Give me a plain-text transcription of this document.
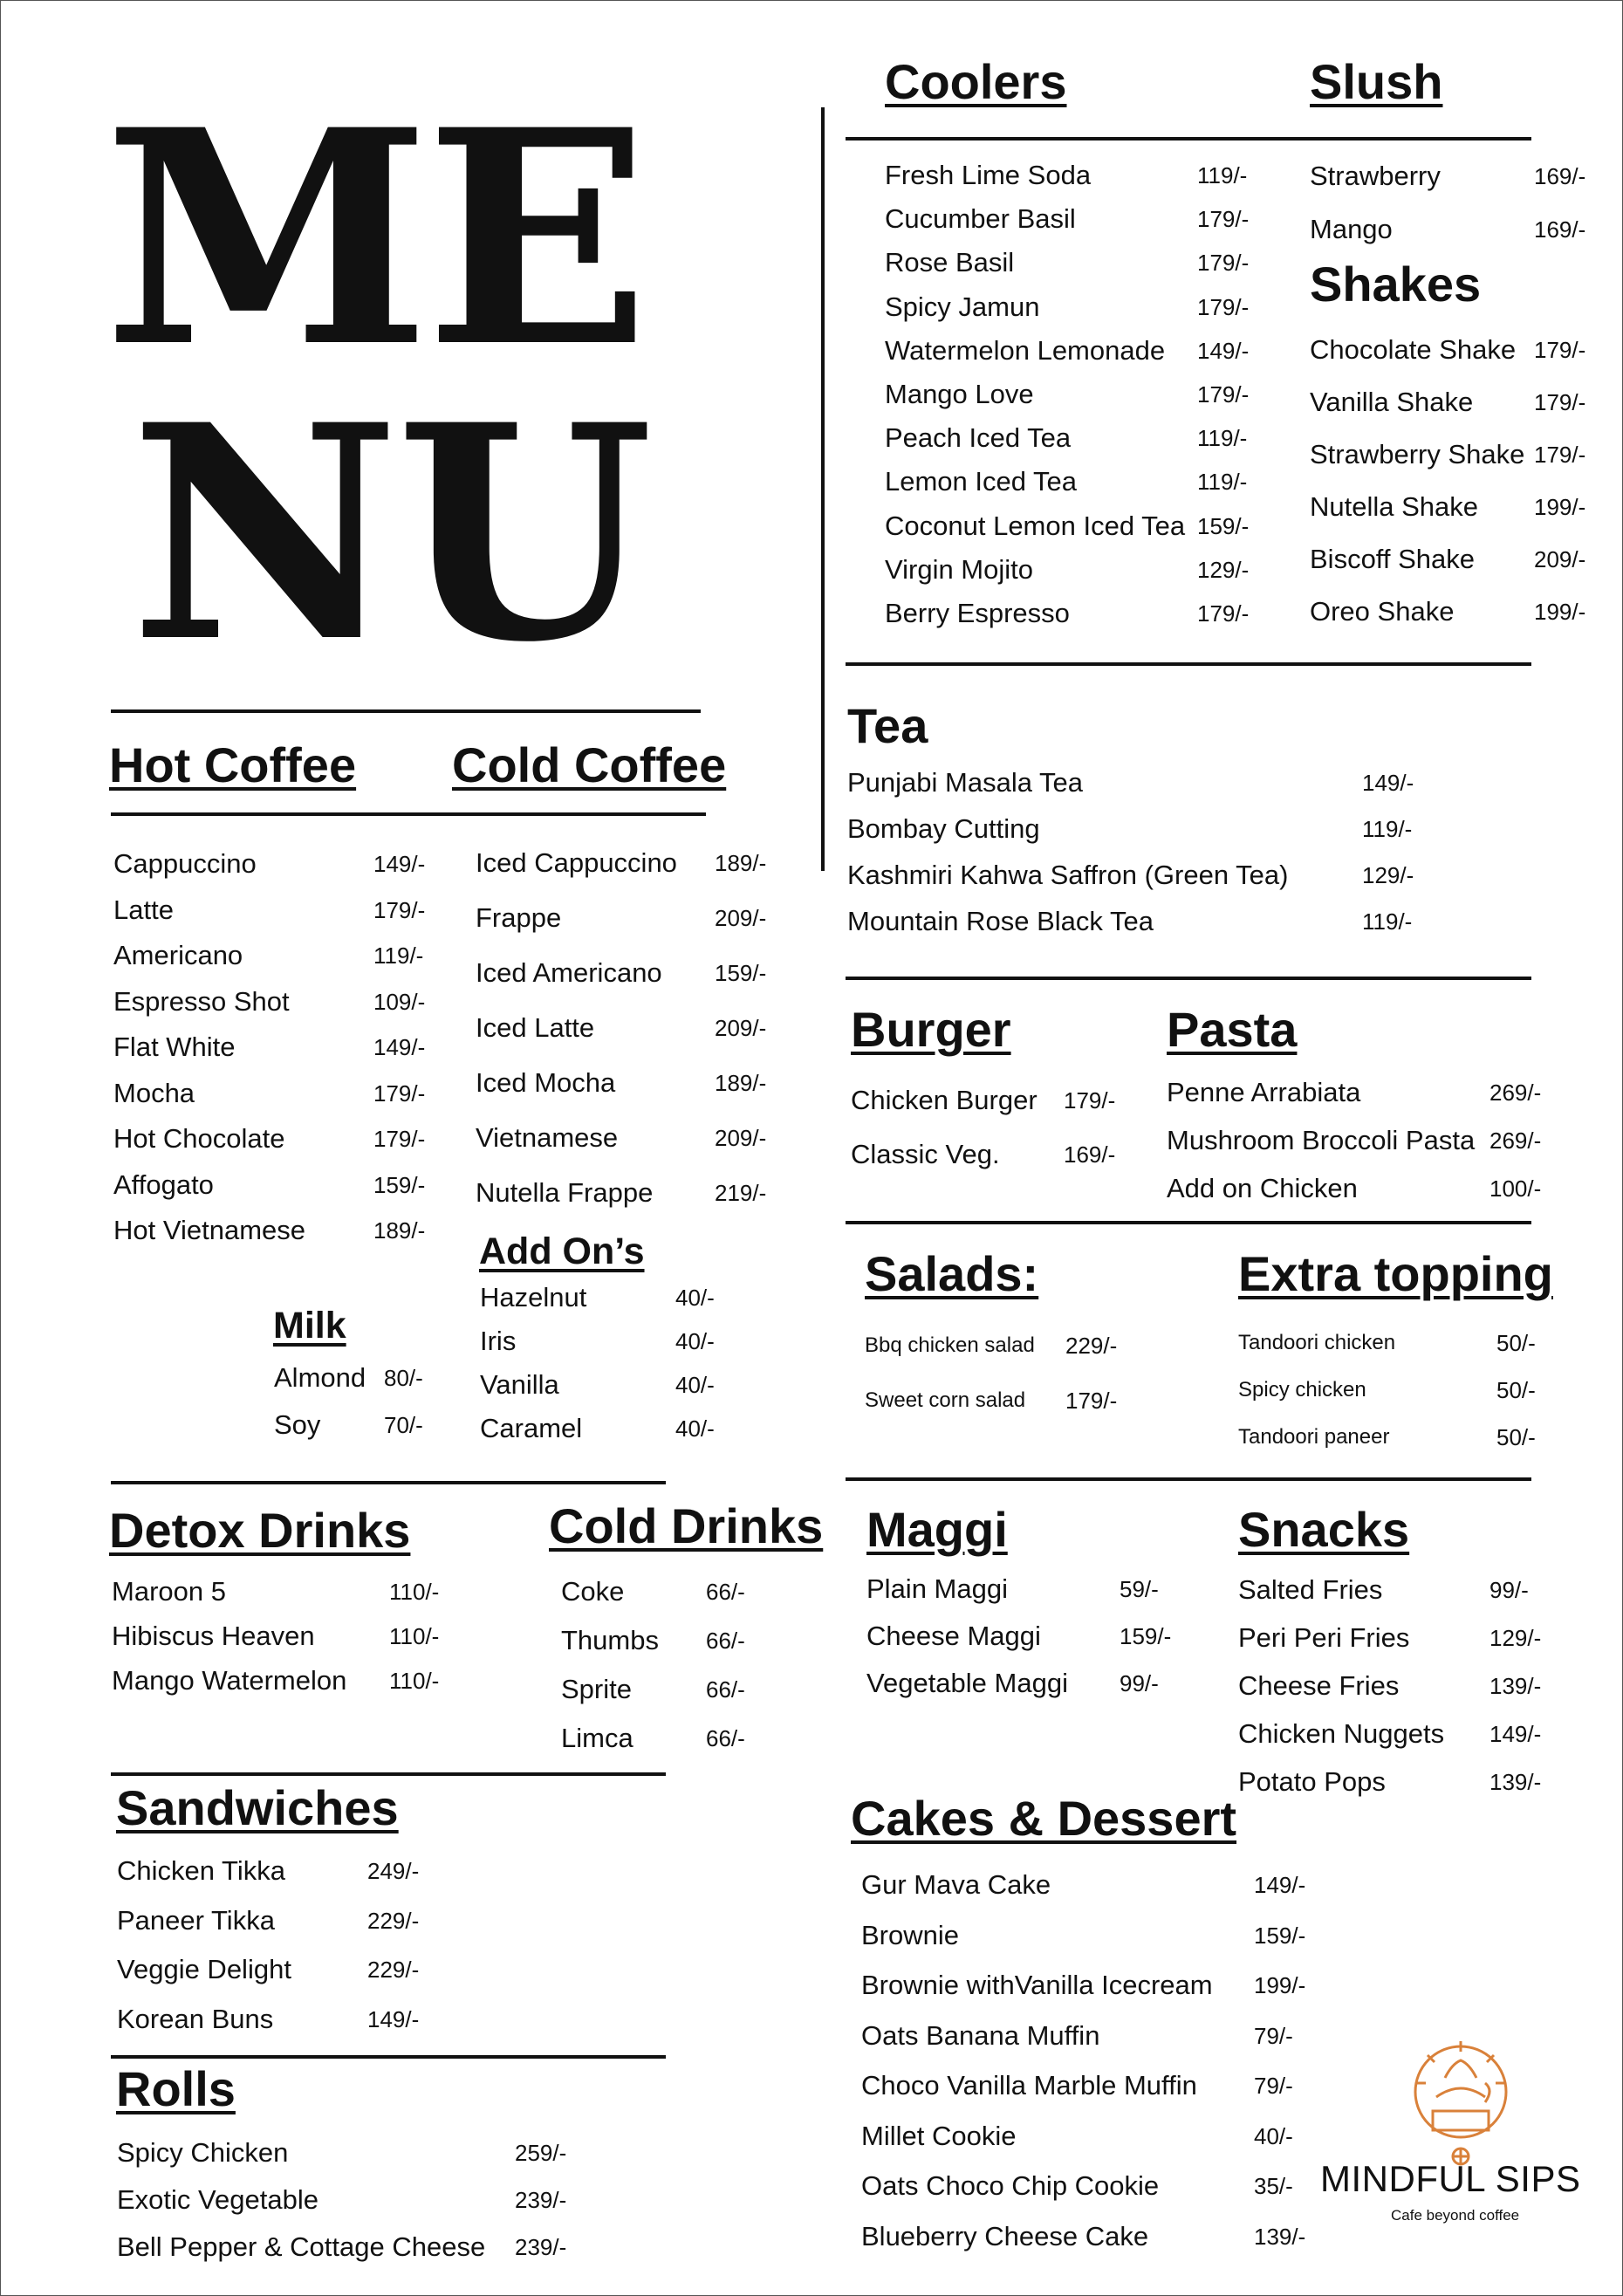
ME
NU
Hot Coffee Cold Coffee
Add On’s
Milk
Detox Drinks	Cold Drinks
Sandwiches
Rolls
Coolers	Slush
Shakes
Tea
Burger	Pasta
Salads:	Extra topping
Maggi	Snacks
Cakes & Dessert
Cappuccino	149/-
Latte	179/-
Americano	119/-
Espresso Shot	109/-
Flat White	149/-
Mocha	179/-
Hot Chocolate	179/-
Affogato	159/-
Hot Vietnamese	189/-
Iced Cappuccino 189/-
Frappe	209/-
Iced Americano 159/-
Iced Latte	209/-
Iced Mocha	189/-
Vietnamese	209/-
Nutella Frappe	219/-
Hazelnut	40/-
Iris	40/-
Vanilla	40/-
Caramel	40/-
Almond 80/-
Soy	70/-
Maroon 5	110/-
Hibiscus Heaven	110/-
Mango Watermelon 110/-
Coke	66/-
Thumbs 66/-
Sprite	66/-
Limca	66/-
Chicken Tikka	249/-
Paneer Tikka	229/-
Veggie Delight	229/-
Korean Buns	149/-
Spicy Chicken	259/-
Exotic Vegetable	239/-
Bell Pepper & Cottage Cheese 239/-
Fresh Lime Soda	119/-
Cucumber Basil	179/-
Rose Basil	179/-
Spicy Jamun	179/-
Watermelon Lemonade 149/-
Mango Love	179/-
Peach Iced Tea	119/-
Lemon Iced Tea	119/-
Coconut Lemon Iced Tea 159/-
Virgin Mojito	129/-
Berry Espresso	179/-
Strawberry	169/-
Mango	169/-
Chocolate Shake 179/-
Vanilla Shake	179/-
Strawberry Shake 179/-
Nutella Shake 199/-
Biscoff Shake	209/-
Oreo Shake	199/-
Punjabi Masala Tea	149/-
Bombay Cutting	119/-
Kashmiri Kahwa Saffron (Green Tea)	129/-
Mountain Rose Black Tea	119/-
Chicken Burger 179/-
Classic Veg.	169/-
Penne Arrabiata	269/-
Mushroom Broccoli Pasta 269/-
Add on Chicken	100/-
Bbq chicken salad 229/-
Sweet corn salad 179/-
Tandoori chicken	50/-
Spicy chicken	50/-
Tandoori paneer	50/-
Plain Maggi	59/-
Cheese Maggi	159/-
Vegetable Maggi 99/-
Salted Fries	99/-
Peri Peri Fries	129/-
Cheese Fries	139/-
Chicken Nuggets 149/-
Potato Pops	139/-
Gur Mava Cake	149/-
Brownie	159/-
Brownie withVanilla Icecream 199/-
Oats Banana Muffin	79/-
Choco Vanilla Marble Muffin	79/-
Millet Cookie	40/-
Oats Choco Chip Cookie	35/-
Blueberry Cheese Cake	139/-
MINDFUL SIPS
Cafe beyond coffee
